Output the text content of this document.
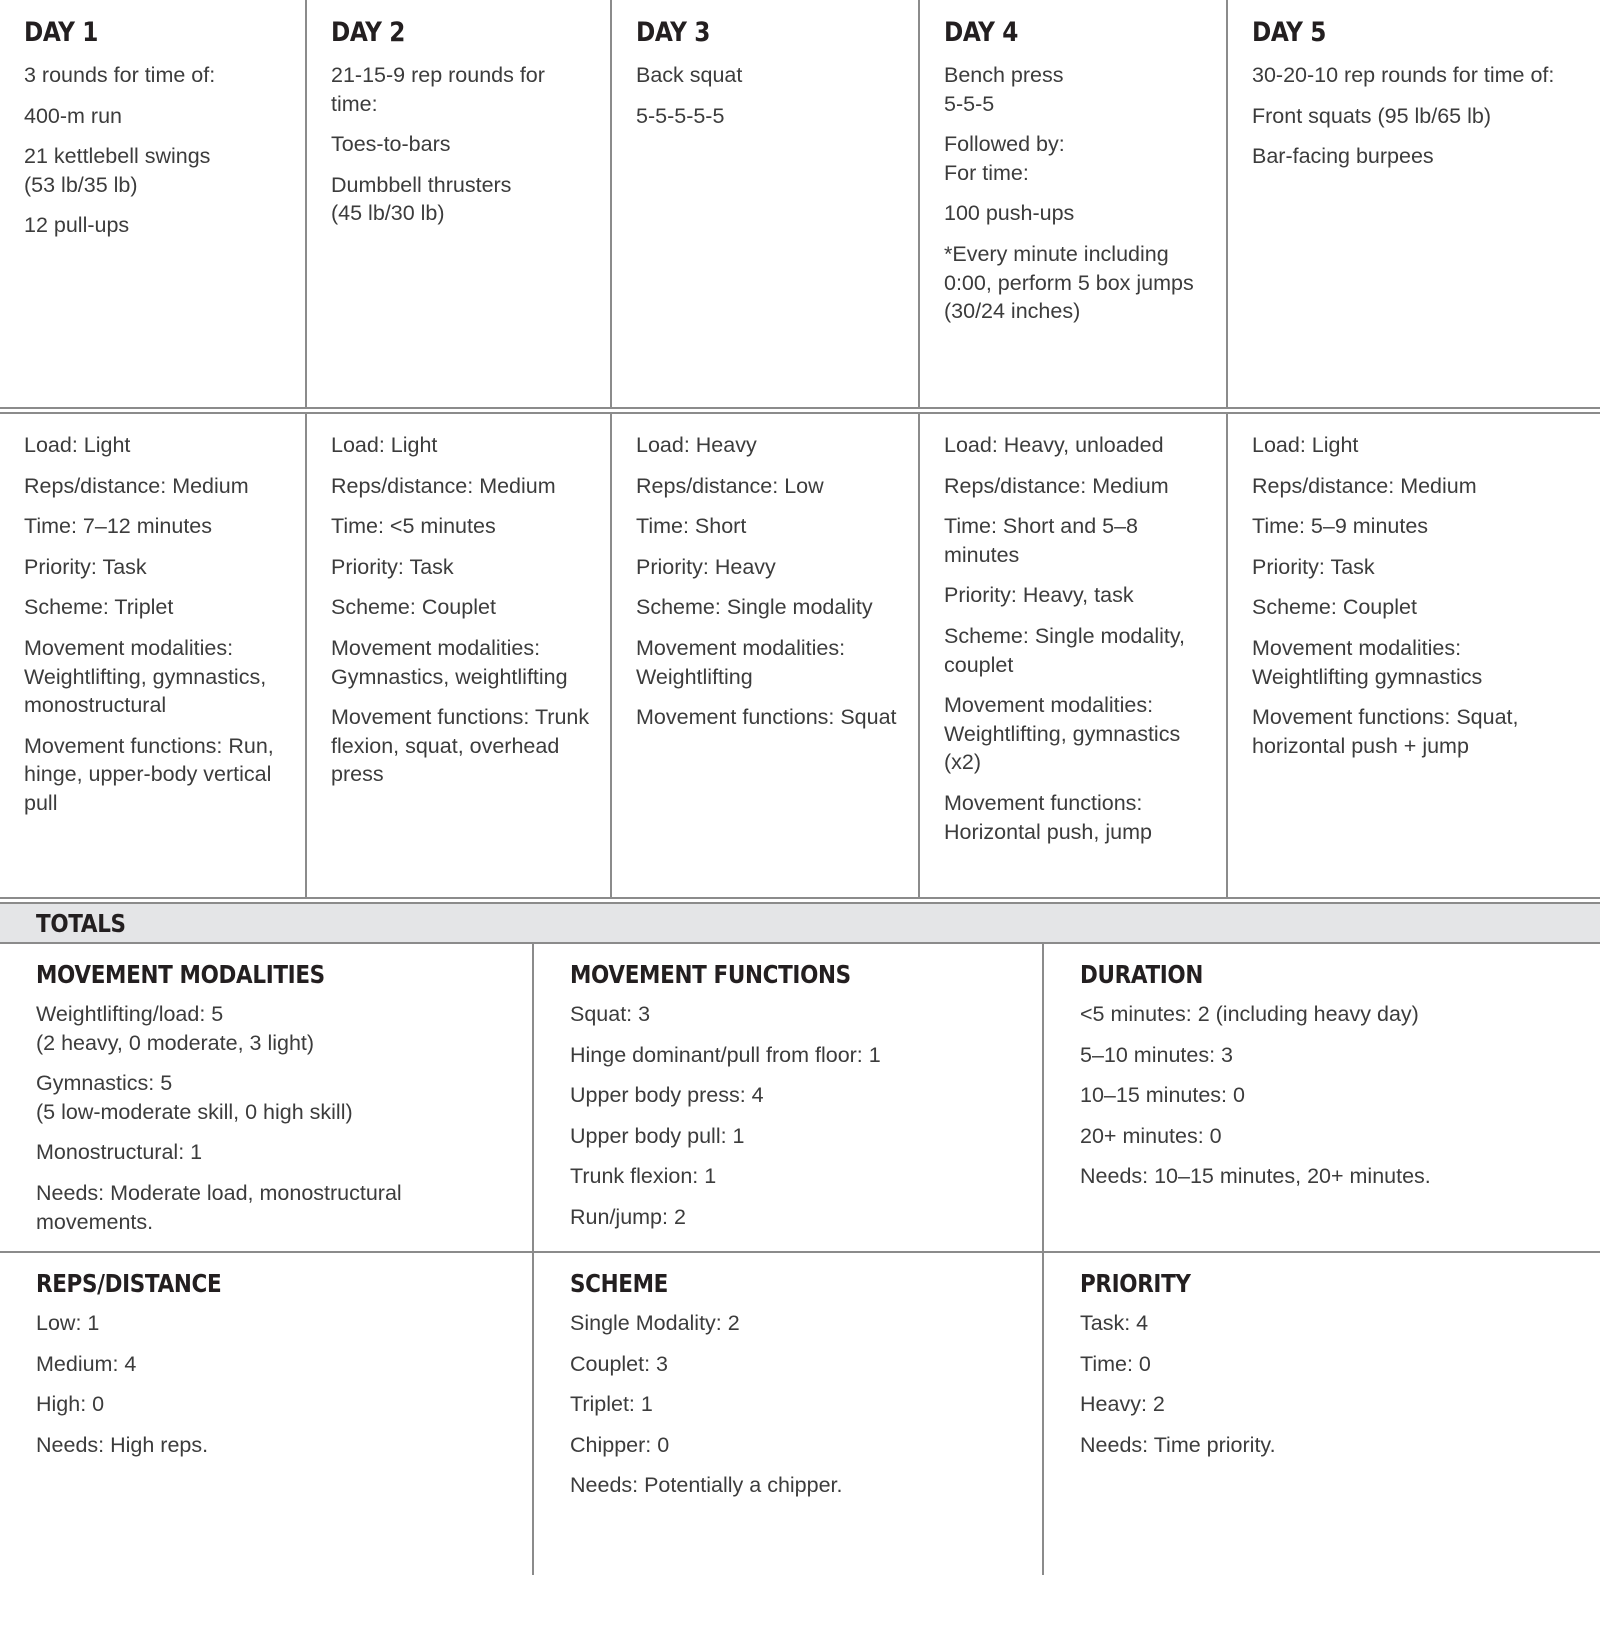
DAY 1

3 rounds for time of:

400-m run

21 kettlebell swings
(53 lb/35 lb)

12 pull-ups

DAY 2

21-15-9 rep rounds for time:

Toes-to-bars

Dumbbell thrusters
(45 lb/30 lb)

DAY 3

Back squat

5-5-5-5-5

DAY 4

Bench press
5-5-5

Followed by:
For time:

100 push-ups

*Every minute including 0:00, perform 5 box jumps (30/24 inches)

DAY 5

30-20-10 rep rounds for time of:

Front squats (95 lb/65 lb)

Bar-facing burpees

Load: Light

Reps/distance: Medium

Time: 7–12 minutes

Priority: Task

Scheme: Triplet

Movement modalities: Weightlifting, gymnastics, monostructural

Movement functions: Run, hinge, upper-body vertical pull

Load: Light

Reps/distance: Medium

Time: <5 minutes

Priority: Task

Scheme: Couplet

Movement modalities: Gymnastics, weightlifting

Movement functions: Trunk flexion, squat, overhead press

Load: Heavy

Reps/distance: Low

Time: Short

Priority: Heavy

Scheme: Single modality

Movement modalities: Weightlifting

Movement functions: Squat

Load: Heavy, unloaded

Reps/distance: Medium

Time: Short and 5–8 minutes

Priority: Heavy, task

Scheme: Single modality, couplet

Movement modalities: Weightlifting, gymnastics (x2)

Movement functions: Horizontal push, jump

Load: Light

Reps/distance: Medium

Time: 5–9 minutes

Priority: Task

Scheme: Couplet

Movement modalities: Weightlifting gymnastics

Movement functions: Squat, horizontal push + jump

TOTALS
MOVEMENT MODALITIES

Weightlifting/load: 5
(2 heavy, 0 moderate, 3 light)

Gymnastics: 5
(5 low-moderate skill, 0 high skill)

Monostructural: 1

Needs: Moderate load, monostructural movements.

MOVEMENT FUNCTIONS

Squat: 3

Hinge dominant/pull from floor: 1

Upper body press: 4

Upper body pull: 1

Trunk flexion: 1

Run/jump: 2

DURATION

<5 minutes: 2 (including heavy day)

5–10 minutes: 3

10–15 minutes: 0

20+ minutes: 0

Needs: 10–15 minutes, 20+ minutes.

REPS/DISTANCE

Low: 1

Medium: 4

High: 0

Needs: High reps.

SCHEME

Single Modality: 2

Couplet: 3

Triplet: 1

Chipper: 0

Needs: Potentially a chipper.

PRIORITY

Task: 4

Time: 0

Heavy: 2

Needs: Time priority.
